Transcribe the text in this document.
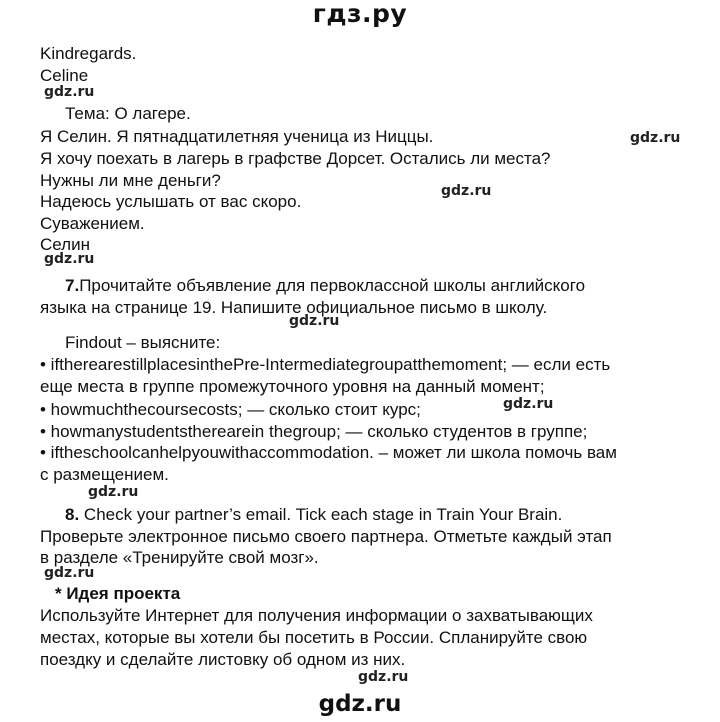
гдз.ру
Kindregards.
Celine
gdz.ru
Тема: О лагере.
Я Селин. Я пятнадцатилетняя ученица из Ниццы.	gdz.ru
Я хочу поехать в лагерь в графстве Дорсет. Остались ли места?
Нужны ли мне деньги?
gdz.ru
Надеюсь услышать от вас скоро.
Суважением.
Селин
gdz.ru
7.Прочитайте объявление для первоклассной школы английского
языка на странице 19. Напишите официальное письмо в школу.
gdz.ru
Findout – выясните:
• iftherearestillplacesinthePre-Intermediategroupatthemoment; — если есть
еще места в группе промежуточного уровня на данный момент;
• howmuchthecoursecosts; — сколько стоит курс;	gdz.ru
• howmanystudentstherearein thegroup; — сколько студентов в группе;
• iftheschoolcanhelpyouwithaccommodation. – может ли школа помочь вам
с размещением.
gdz.ru
8. Check your partner’s email. Tick each stage in Train Your Brain.
Проверьте электронное письмо своего партнера. Отметьте каждый этап
в разделе «Тренируйте свой мозг».
gdz.ru
* Идея проекта
Используйте Интернет для получения информации о захватывающих
местах, которые вы хотели бы посетить в России. Спланируйте свою
поездку и сделайте листовку об одном из них.
gdz.ru
gdz.ru
